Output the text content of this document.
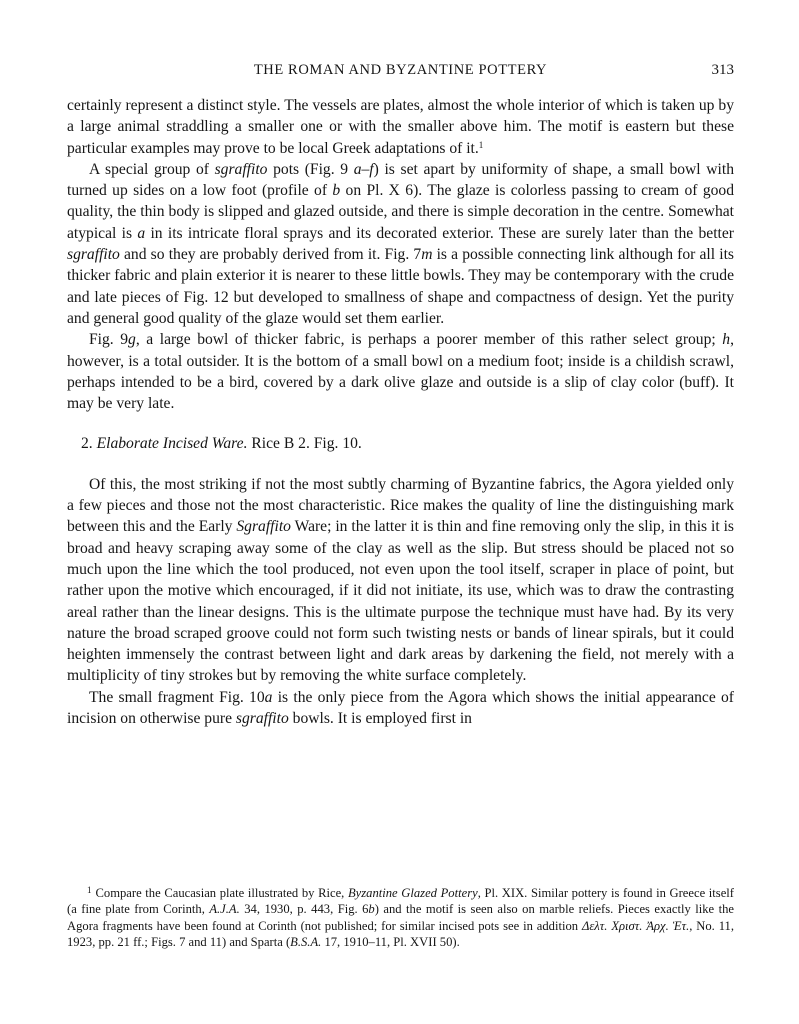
THE ROMAN AND BYZANTINE POTTERY	313

certainly represent a distinct style. The vessels are plates, almost the whole interior of which is taken up by a large animal straddling a smaller one or with the smaller above him. The motif is eastern but these particular examples may prove to be local Greek adaptations of it.$^1$

A special group of sgraffito pots (Fig. 9 a–f) is set apart by uniformity of shape, a small bowl with turned up sides on a low foot (profile of b on Pl. X 6). The glaze is colorless passing to cream of good quality, the thin body is slipped and glazed outside, and there is simple decoration in the centre. Somewhat atypical is a in its intricate floral sprays and its decorated exterior. These are surely later than the better sgraffito and so they are probably derived from it. Fig. 7m is a possible connecting link although for all its thicker fabric and plain exterior it is nearer to these little bowls. They may be contemporary with the crude and late pieces of Fig. 12 but developed to smallness of shape and compactness of design. Yet the purity and general good quality of the glaze would set them earlier.

Fig. 9g, a large bowl of thicker fabric, is perhaps a poorer member of this rather select group; h, however, is a total outsider. It is the bottom of a small bowl on a medium foot; inside is a childish scrawl, perhaps intended to be a bird, covered by a dark olive glaze and outside is a slip of clay color (buff). It may be very late.

2. Elaborate Incised Ware. Rice B 2. Fig. 10.

Of this, the most striking if not the most subtly charming of Byzantine fabrics, the Agora yielded only a few pieces and those not the most characteristic. Rice makes the quality of line the distinguishing mark between this and the Early Sgraffito Ware; in the latter it is thin and fine removing only the slip, in this it is broad and heavy scraping away some of the clay as well as the slip. But stress should be placed not so much upon the line which the tool produced, not even upon the tool itself, scraper in place of point, but rather upon the motive which encouraged, if it did not initiate, its use, which was to draw the contrasting areal rather than the linear designs. This is the ultimate purpose the technique must have had. By its very nature the broad scraped groove could not form such twisting nests or bands of linear spirals, but it could heighten immensely the contrast between light and dark areas by darkening the field, not merely with a multiplicity of tiny strokes but by removing the white surface completely.

The small fragment Fig. 10a is the only piece from the Agora which shows the initial appearance of incision on otherwise pure sgraffito bowls. It is employed first in

$^1$ Compare the Caucasian plate illustrated by Rice, Byzantine Glazed Pottery, Pl. XIX. Similar pottery is found in Greece itself (a fine plate from Corinth, A.J.A. 34, 1930, p. 443, Fig. 6b) and the motif is seen also on marble reliefs. Pieces exactly like the Agora fragments have been found at Corinth (not published; for similar incised pots see in addition Δελτ. Χριστ. Ἀρχ. Ἑτ., No. 11, 1923, pp. 21 ff.; Figs. 7 and 11) and Sparta (B.S.A. 17, 1910–11, Pl. XVII 50).
